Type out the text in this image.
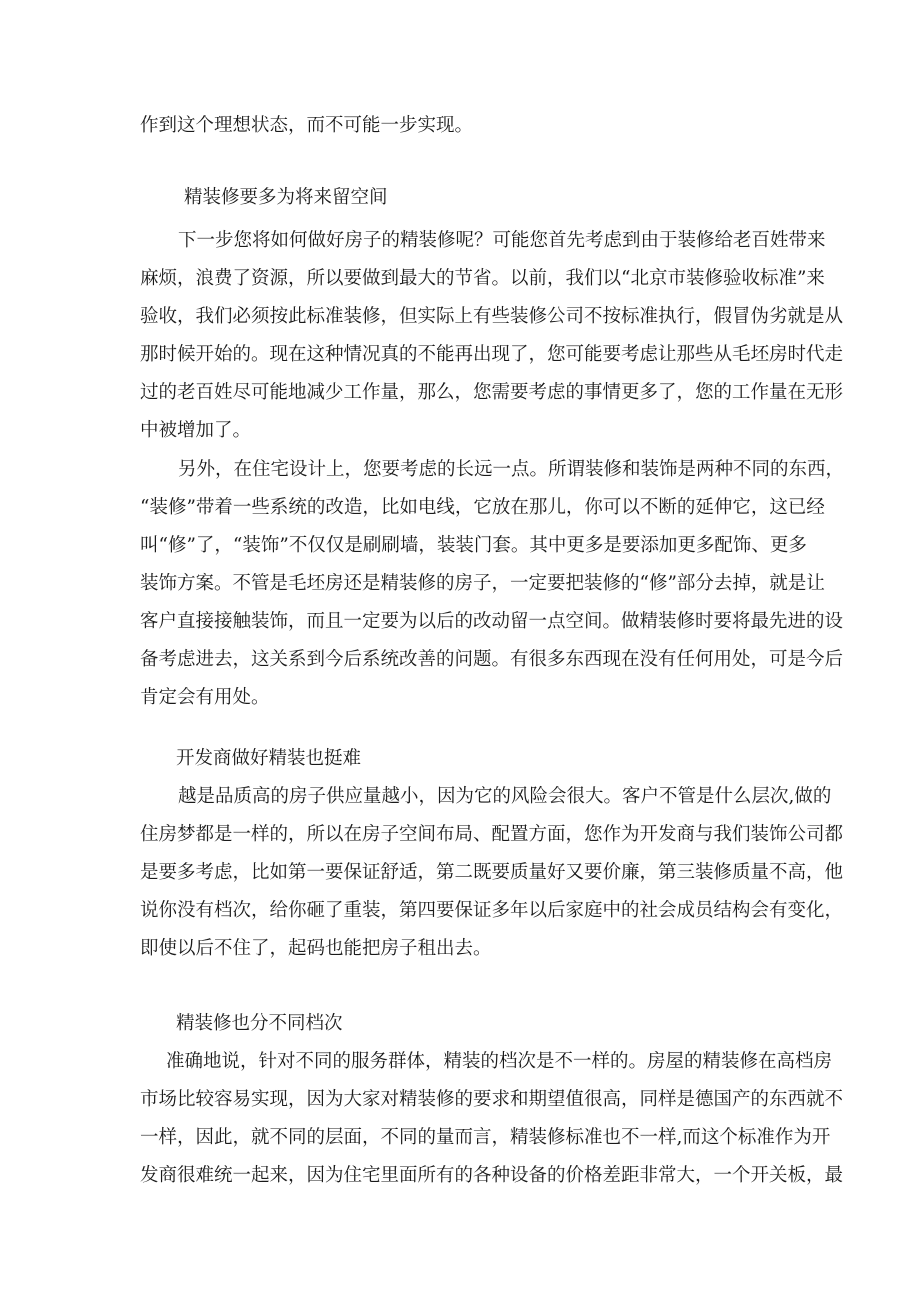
作到这个理想状态，而不可能一步实现。
精装修要多为将来留空间
下一步您将如何做好房子的精装修呢？可能您首先考虑到由于装修给老百姓带来
麻烦，浪费了资源，所以要做到最大的节省。以前，我们以“北京市装修验收标准”来
验收，我们必须按此标准装修，但实际上有些装修公司不按标准执行，假冒伪劣就是从
那时候开始的。现在这种情况真的不能再出现了，您可能要考虑让那些从毛坯房时代走
过的老百姓尽可能地减少工作量，那么，您需要考虑的事情更多了，您的工作量在无形
中被增加了。
另外，在住宅设计上，您要考虑的长远一点。所谓装修和装饰是两种不同的东西，
“装修”带着一些系统的改造，比如电线，它放在那儿，你可以不断的延伸它，这已经
叫“修”了，“装饰”不仅仅是刷刷墙，装装门套。其中更多是要添加更多配饰、更多
装饰方案。不管是毛坯房还是精装修的房子，一定要把装修的“修”部分去掉，就是让
客户直接接触装饰，而且一定要为以后的改动留一点空间。做精装修时要将最先进的设
备考虑进去，这关系到今后系统改善的问题。有很多东西现在没有任何用处，可是今后
肯定会有用处。
开发商做好精装也挺难
越是品质高的房子供应量越小，因为它的风险会很大。客户不管是什么层次,做的
住房梦都是一样的，所以在房子空间布局、配置方面，您作为开发商与我们装饰公司都
是要多考虑，比如第一要保证舒适，第二既要质量好又要价廉，第三装修质量不高，他
说你没有档次，给你砸了重装，第四要保证多年以后家庭中的社会成员结构会有变化，
即使以后不住了，起码也能把房子租出去。
精装修也分不同档次
准确地说，针对不同的服务群体，精装的档次是不一样的。房屋的精装修在高档房
市场比较容易实现，因为大家对精装修的要求和期望值很高，同样是德国产的东西就不
一样，因此，就不同的层面，不同的量而言，精装修标准也不一样,而这个标准作为开
发商很难统一起来，因为住宅里面所有的各种设备的价格差距非常大，一个开关板，最
